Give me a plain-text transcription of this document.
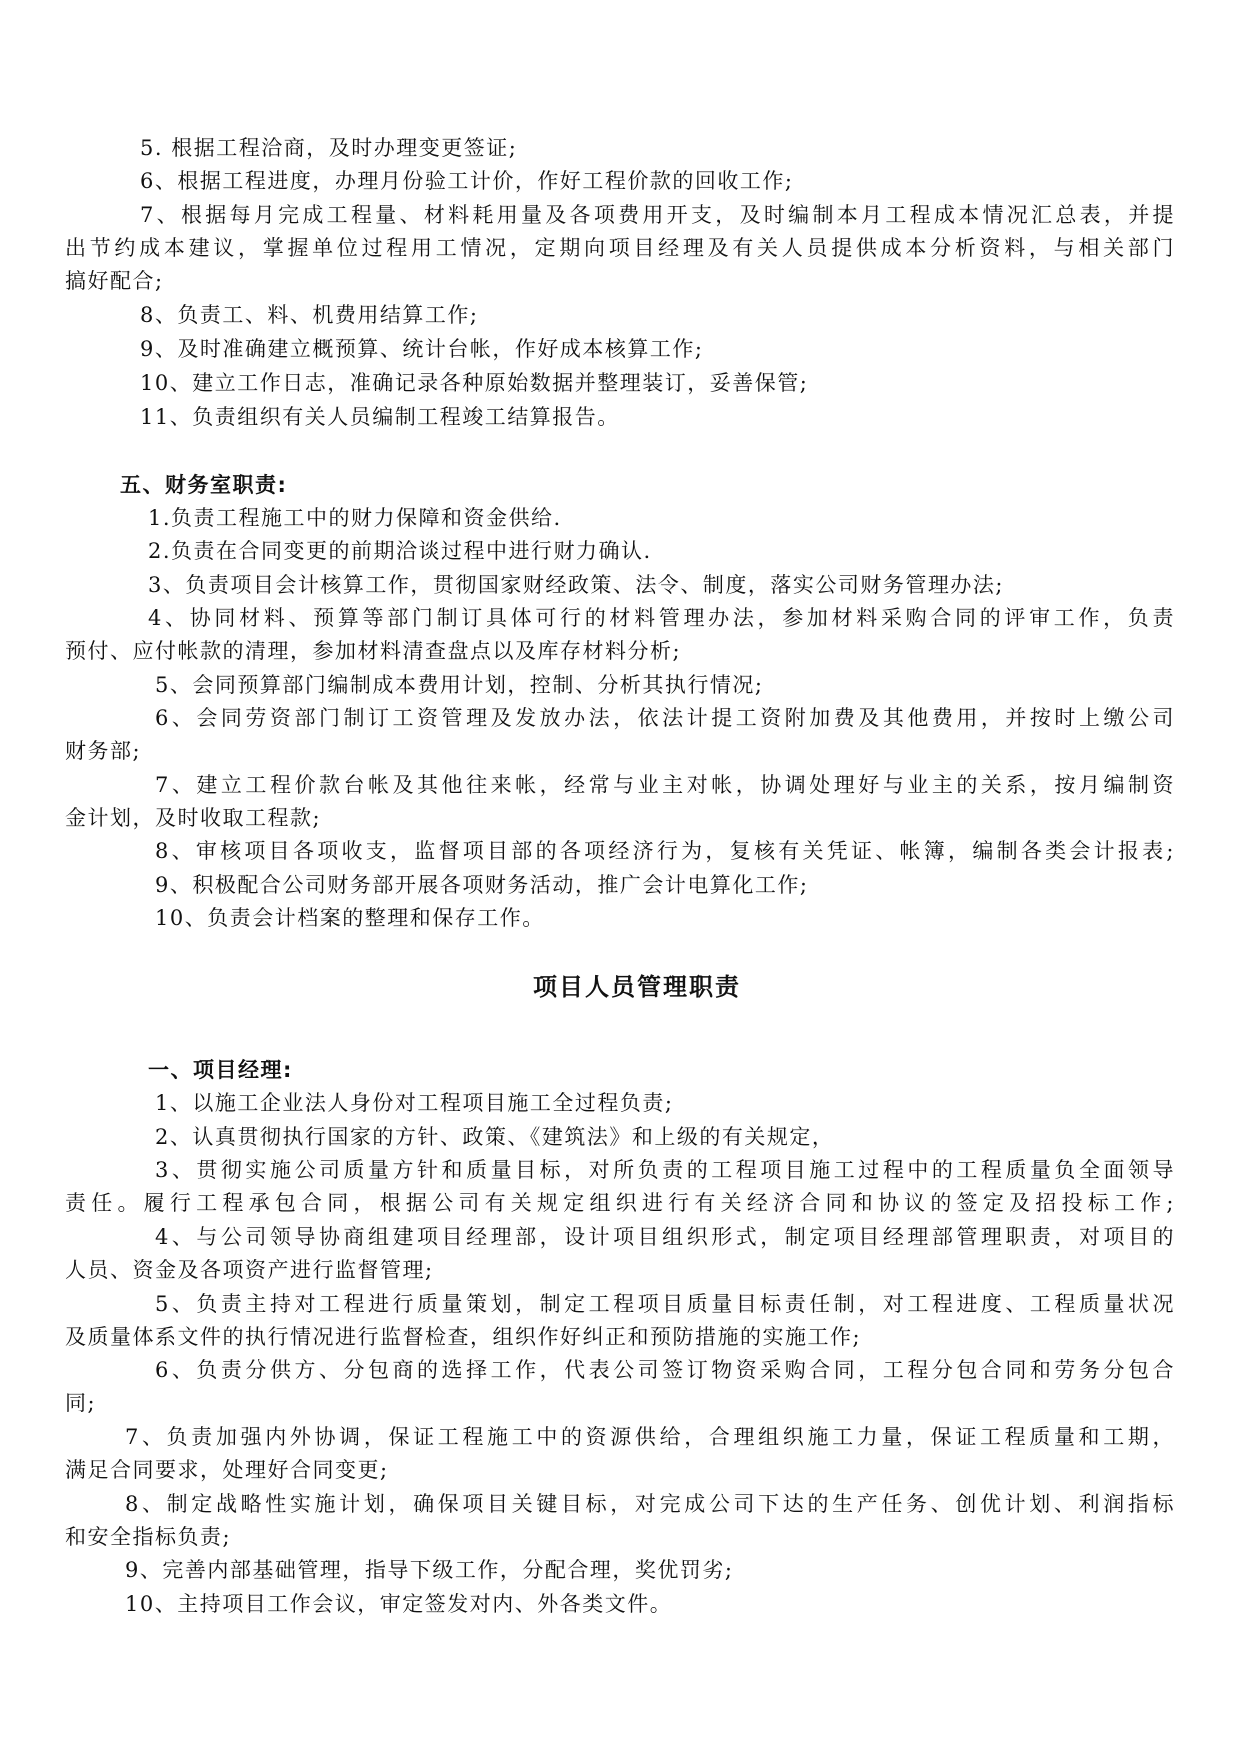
5. 根据工程洽商，及时办理变更签证;
6、根据工程进度，办理月份验工计价，作好工程价款的回收工作;
7、根据每月完成工程量、材料耗用量及各项费用开支，及时编制本月工程成本情况汇总表，并提
出节约成本建议，掌握单位过程用工情况，定期向项目经理及有关人员提供成本分析资料，与相关部门
搞好配合;
8、负责工、料、机费用结算工作;
9、及时准确建立概预算、统计台帐，作好成本核算工作;
10、建立工作日志，准确记录各种原始数据并整理装订，妥善保管;
11、负责组织有关人员编制工程竣工结算报告。
五、财务室职责:
1.负责工程施工中的财力保障和资金供给.
2.负责在合同变更的前期洽谈过程中进行财力确认.
3、负责项目会计核算工作，贯彻国家财经政策、法令、制度，落实公司财务管理办法;
4、协同材料、预算等部门制订具体可行的材料管理办法，参加材料采购合同的评审工作，负责
预付、应付帐款的清理，参加材料清查盘点以及库存材料分析;
5、会同预算部门编制成本费用计划，控制、分析其执行情况;
6、会同劳资部门制订工资管理及发放办法，依法计提工资附加费及其他费用，并按时上缴公司
财务部;
7、建立工程价款台帐及其他往来帐，经常与业主对帐，协调处理好与业主的关系，按月编制资
金计划，及时收取工程款;
8、审核项目各项收支，监督项目部的各项经济行为，复核有关凭证、帐簿，编制各类会计报表;
9、积极配合公司财务部开展各项财务活动，推广会计电算化工作;
10、负责会计档案的整理和保存工作。
项目人员管理职责
一、项目经理:
1、以施工企业法人身份对工程项目施工全过程负责;
2、认真贯彻执行国家的方针、政策、《建筑法》和上级的有关规定，
3、贯彻实施公司质量方针和质量目标，对所负责的工程项目施工过程中的工程质量负全面领导
责任。履行工程承包合同，根据公司有关规定组织进行有关经济合同和协议的签定及招投标工作;
4、与公司领导协商组建项目经理部，设计项目组织形式，制定项目经理部管理职责，对项目的
人员、资金及各项资产进行监督管理;
5、负责主持对工程进行质量策划，制定工程项目质量目标责任制，对工程进度、工程质量状况
及质量体系文件的执行情况进行监督检查，组织作好纠正和预防措施的实施工作;
6、负责分供方、分包商的选择工作，代表公司签订物资采购合同，工程分包合同和劳务分包合
同;
7、负责加强内外协调，保证工程施工中的资源供给，合理组织施工力量，保证工程质量和工期，
满足合同要求，处理好合同变更;
8、制定战略性实施计划，确保项目关键目标，对完成公司下达的生产任务、创优计划、利润指标
和安全指标负责;
9、完善内部基础管理，指导下级工作，分配合理，奖优罚劣;
10、主持项目工作会议，审定签发对内、外各类文件。
